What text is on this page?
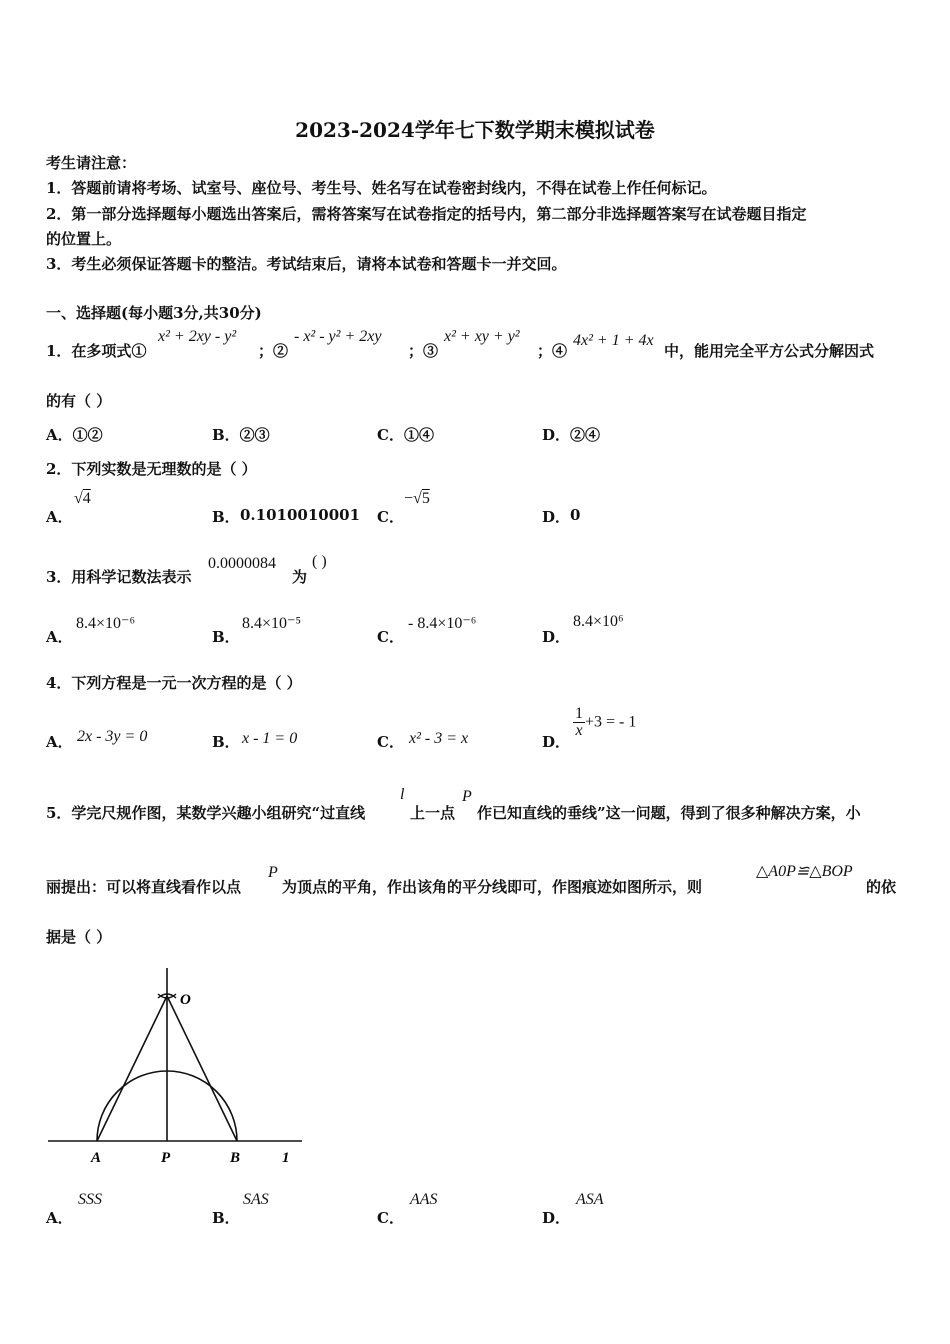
2023-2024学年七下数学期末模拟试卷
考生请注意：
1．答题前请将考场、试室号、座位号、考生号、姓名写在试卷密封线内，不得在试卷上作任何标记。
2．第一部分选择题每小题选出答案后，需将答案写在试卷指定的括号内，第二部分非选择题答案写在试卷题目指定
的位置上。
3．考生必须保证答题卡的整洁。考试结束后，请将本试卷和答题卡一并交回。
一、选择题(每小题3分,共30分)
1．在多项式①
x² + 2xy - y²
；②
- x² - y² + 2xy
；③
x² + xy + y²
；④
4x² + 1 + 4x
中，能用完全平方公式分解因式
的有（ ）
A．①②	B．②③	C．①④	D．②④
2．下列实数是无理数的是（ ）
A．
√4
B． 0.1010010001 C．
−√5
D． 0
3．用科学记数法表示
0.0000084
为
( )
A．
8.4×10⁻⁶
B．
8.4×10⁻⁵
C．
- 8.4×10⁻⁶
D．
8.4×10⁶
4．下列方程是一元一次方程的是（ ）
A． 2x - 3y = 0	B． x - 1 = 0	C． x² - 3 = x	D．
$\frac{1}{x} +3$ = - 1
5．学完尺规作图，某数学兴趣小组研究“过直线
l
上一点
P
作已知直线的垂线”这一问题，得到了很多种解决方案，小
丽提出：可以将直线看作以点
P
为顶点的平角，作出该角的平分线即可，作图痕迹如图所示，则
△A0P≌△BOP
的依
据是（ ）
O
A	P	B	1
A．
SSS
B．
SAS
C．
AAS
D．
ASA
